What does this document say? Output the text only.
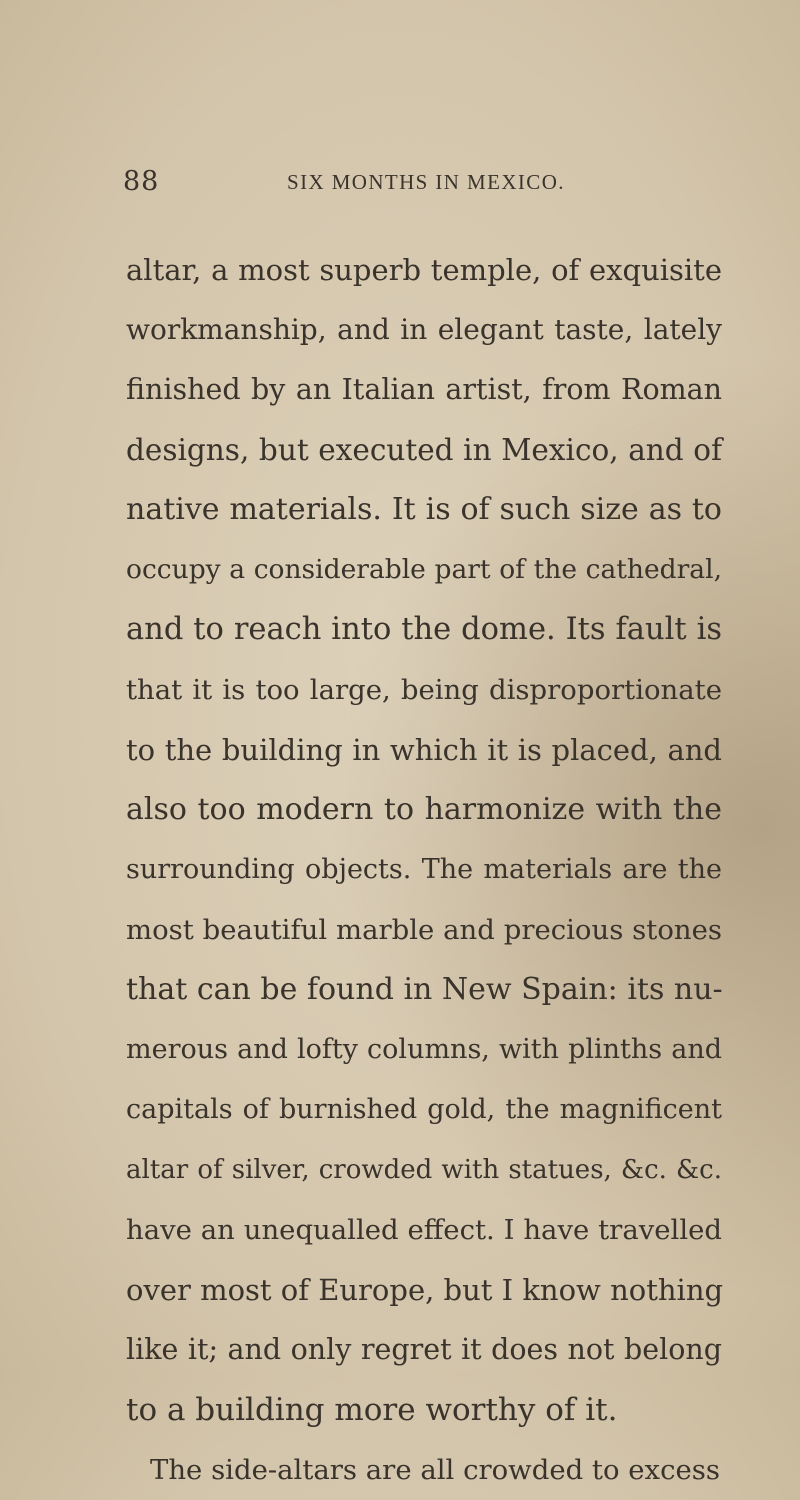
88	SIX MONTHS IN MEXICO.
altar, a most superb temple, of exquisite
workmanship, and in elegant taste, lately
finished by an Italian artist, from Roman
designs, but executed in Mexico, and of
native materials. It is of such size as to
occupy a considerable part of the cathedral,
and to reach into the dome. Its fault is
that it is too large, being disproportionate
to the building in which it is placed, and
also too modern to harmonize with the
surrounding objects. The materials are the
most beautiful marble and precious stones
that can be found in New Spain: its nu-
merous and lofty columns, with plinths and
capitals of burnished gold, the magnificent
altar of silver, crowded with statues, &c. &c.
have an unequalled effect. I have travelled
over most of Europe, but I know nothing
like it; and only regret it does not belong
to a building more worthy of it.
The side-altars are all crowded to excess
